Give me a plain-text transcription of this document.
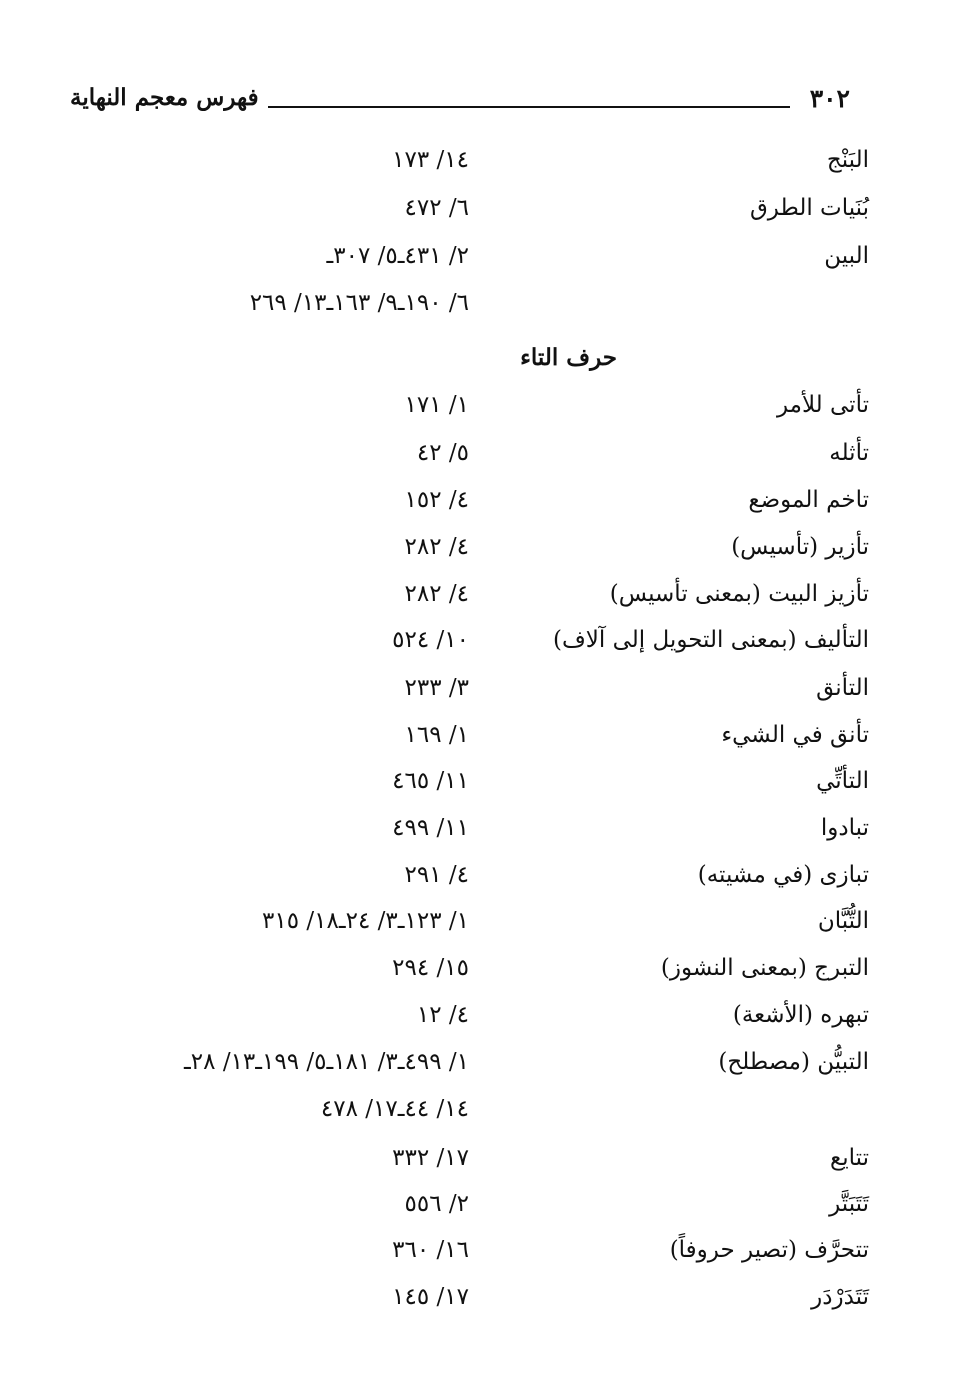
٣٠٢
فهرس معجم النهاية
البَنْج
١٤/ ١٧٣
بُنَيات الطرق
٦/ ٤٧٢
البين
٢/ ٤٣١ـ٥/ ٣٠٧ـ
٦/ ١٩٠ـ٩/ ١٦٣ـ١٣/ ٢٦٩
حرف التاء
تأتى للأمر
١/ ١٧١
تأثله
٥/ ٤٢
تاخم الموضع
٤/ ١٥٢
تأزير (تأسيس)
٤/ ٢٨٢
تأزيز البيت (بمعنى تأسيس)
٤/ ٢٨٢
التأليف (بمعنى التحويل إلى آلاف)
١٠/ ٥٢٤
التأنق
٣/ ٢٣٣
تأنق في الشيء
١/ ١٦٩
التأتِّي
١١/ ٤٦٥
تبادوا
١١/ ٤٩٩
تبازى (في مشيته)
٤/ ٢٩١
التُّبَّان
١/ ١٢٣ـ٣/ ٢٤ـ١٨/ ٣١٥
التبرج (بمعنى النشوز)
١٥/ ٢٩٤
تبهره (الأشعة)
٤/ ١٢
التبيُّن (مصطلح)
١/ ٤٩٩ـ٣/ ١٨١ـ٥/ ١٩٩ـ١٣/ ٢٨ـ
١٤/ ٤٤ـ١٧/ ٤٧٨
تتايع
١٧/ ٣٣٢
تَتَبَتَّر
٢/ ٥٥٦
تتحرَّف (تصير حروفاً)
١٦/ ٣٦٠
تَتَدَرْدَر
١٧/ ١٤٥
